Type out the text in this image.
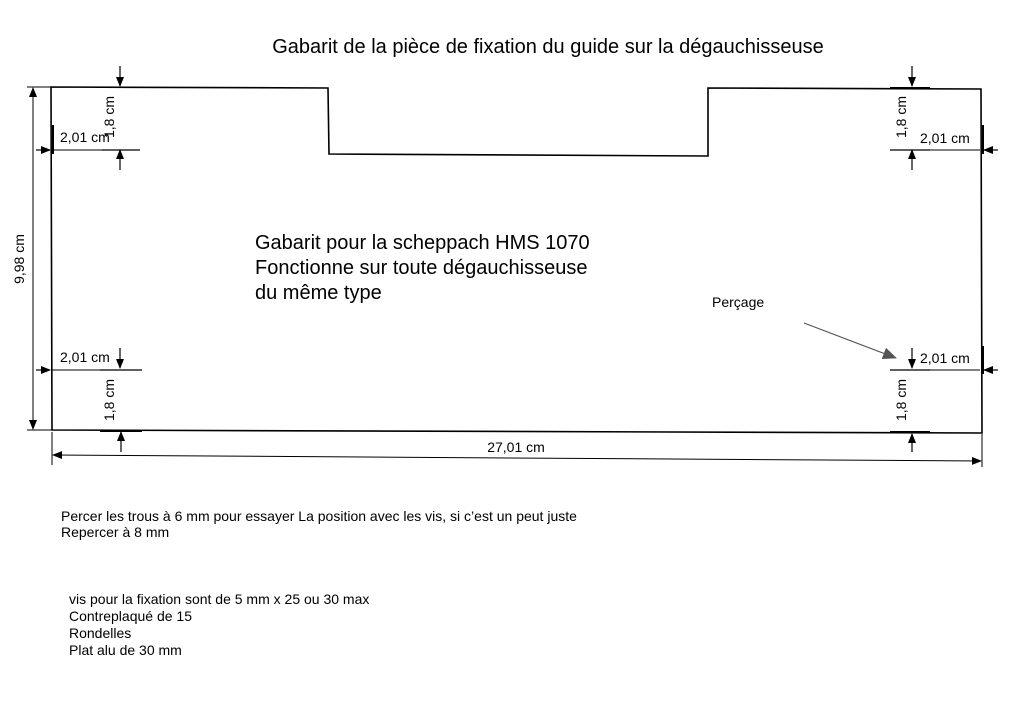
Gabarit de la pièce de fixation du guide sur la dégauchisseuse
9,98 cm
27,01 cm
2,01 cm
1,8 cm	2,01 cm
1,8 cm
2,01 cm
1,8 cm
2,01 cm
1,8 cm
Gabarit pour la scheppach HMS 1070
Fonctionne sur toute dégauchisseuse
du même type	Perçage
Percer les trous à 6 mm pour essayer La position avec les vis, si c’est un peut juste
Repercer à 8 mm
vis pour la fixation sont de 5 mm x 25 ou 30 max
Contreplaqué de 15
Rondelles
Plat alu de 30 mm
